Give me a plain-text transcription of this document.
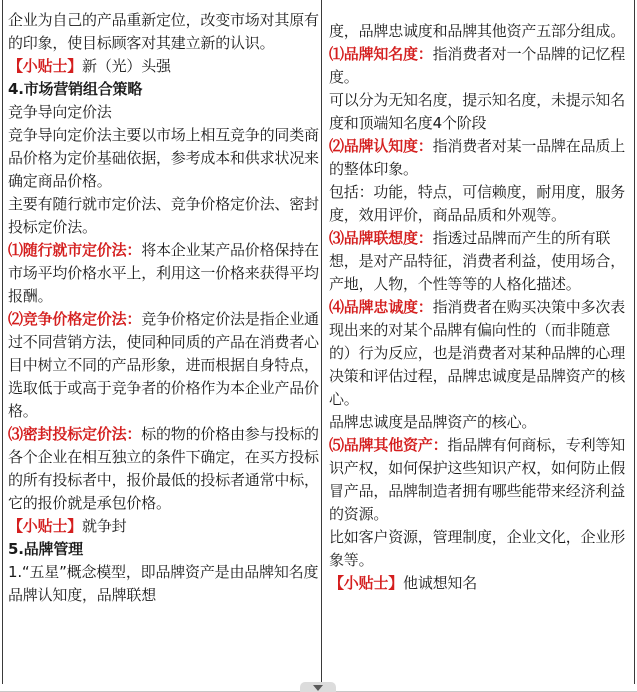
企业为自己的产品重新定位，改变市场对其原有的印象，使目标顾客对其建立新的认识。

【小贴士】新（光）头强

4.市场营销组合策略

竞争导向定价法

竞争导向定价法主要以市场上相互竞争的同类商品价格为定价基础依据，参考成本和供求状况来确定商品价格。

主要有随行就市定价法、竞争价格定价法、密封投标定价法。

⑴随行就市定价法：将本企业某产品价格保持在市场平均价格水平上，利用这一价格来获得平均报酬。

⑵竞争价格定价法：竞争价格定价法是指企业通过不同营销方法，使同种同质的产品在消费者心目中树立不同的产品形象，进而根据自身特点，选取低于或高于竞争者的价格作为本企业产品价格。

⑶密封投标定价法：标的物的价格由参与投标的各个企业在相互独立的条件下确定，在买方投标的所有投标者中，报价最低的投标者通常中标，它的报价就是承包价格。

【小贴士】就争封

5.品牌管理

1.“五星”概念模型，即品牌资产是由品牌知名度品牌认知度，品牌联想

度，品牌忠诚度和品牌其他资产五部分组成。

⑴品牌知名度：指消费者对一个品牌的记忆程度。

可以分为无知名度，提示知名度，未提示知名度和顶端知名度4个阶段

⑵品牌认知度：指消费者对某一品牌在品质上的整体印象。

包括：功能，特点，可信赖度，耐用度，服务度，效用评价，商品品质和外观等。

⑶品牌联想度：指透过品牌而产生的所有联想，是对产品特征，消费者利益，使用场合，产地，人物，个性等等的人格化描述。

⑷品牌忠诚度：指消费者在购买决策中多次表现出来的对某个品牌有偏向性的（而非随意的）行为反应，也是消费者对某种品牌的心理决策和评估过程，品牌忠诚度是品牌资产的核心。

品牌忠诚度是品牌资产的核心。

⑸品牌其他资产：指品牌有何商标，专利等知识产权，如何保护这些知识产权，如何防止假冒产品，品牌制造者拥有哪些能带来经济利益的资源。

比如客户资源，管理制度，企业文化，企业形象等。

【小贴士】他诚想知名
